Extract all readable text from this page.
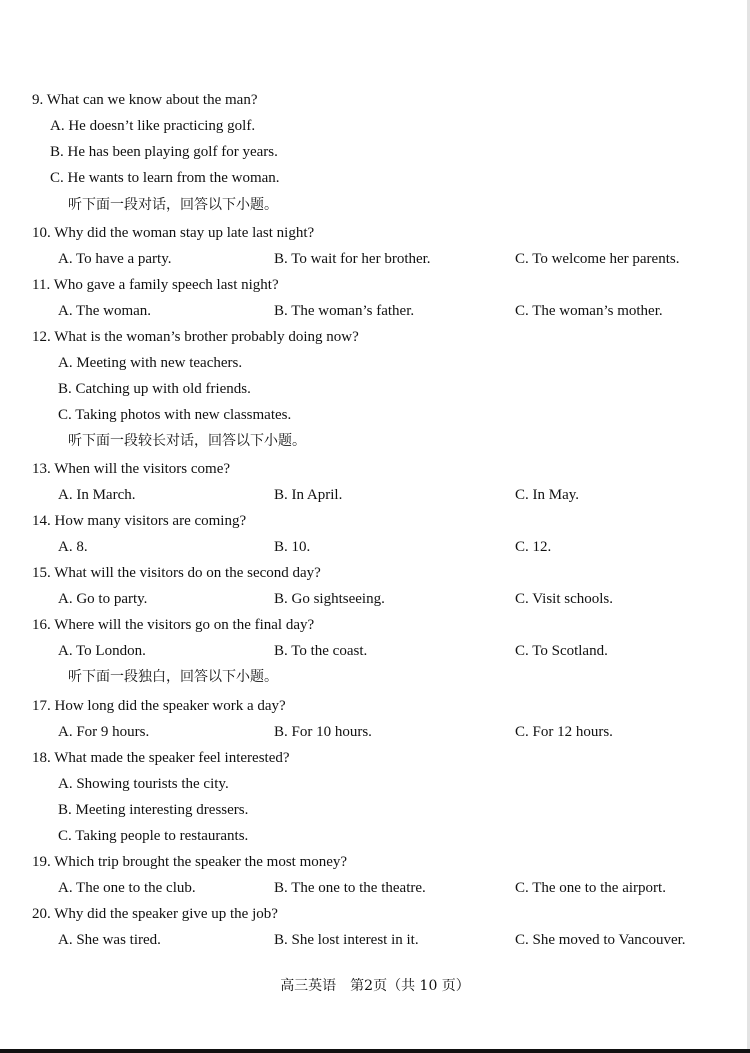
9. What can we know about the man?
A. He doesn’t like practicing golf.
B. He has been playing golf for years.
C. He wants to learn from the woman.
听下面一段对话，回答以下小题。
10. Why did the woman stay up late last night?
A. To have a party.	B. To wait for her brother.	C. To welcome her parents.
11. Who gave a family speech last night?
A. The woman.	B. The woman’s father.	C. The woman’s mother.
12. What is the woman’s brother probably doing now?
A. Meeting with new teachers.
B. Catching up with old friends.
C. Taking photos with new classmates.
听下面一段较长对话，回答以下小题。
13. When will the visitors come?
A. In March.	B. In April.	C. In May.
14. How many visitors are coming?
A. 8.	B. 10.	C. 12.
15. What will the visitors do on the second day?
A. Go to party.	B. Go sightseeing.	C. Visit schools.
16. Where will the visitors go on the final day?
A. To London.	B. To the coast.	C. To Scotland.
听下面一段独白，回答以下小题。
17. How long did the speaker work a day?
A. For 9 hours.	B. For 10 hours.	C. For 12 hours.
18. What made the speaker feel interested?
A. Showing tourists the city.
B. Meeting interesting dressers.
C. Taking people to restaurants.
19. Which trip brought the speaker the most money?
A. The one to the club.	B. The one to the theatre.	C. The one to the airport.
20. Why did the speaker give up the job?
A. She was tired.	B. She lost interest in it.	C. She moved to Vancouver.
高三英语　第2页（共 10 页）
